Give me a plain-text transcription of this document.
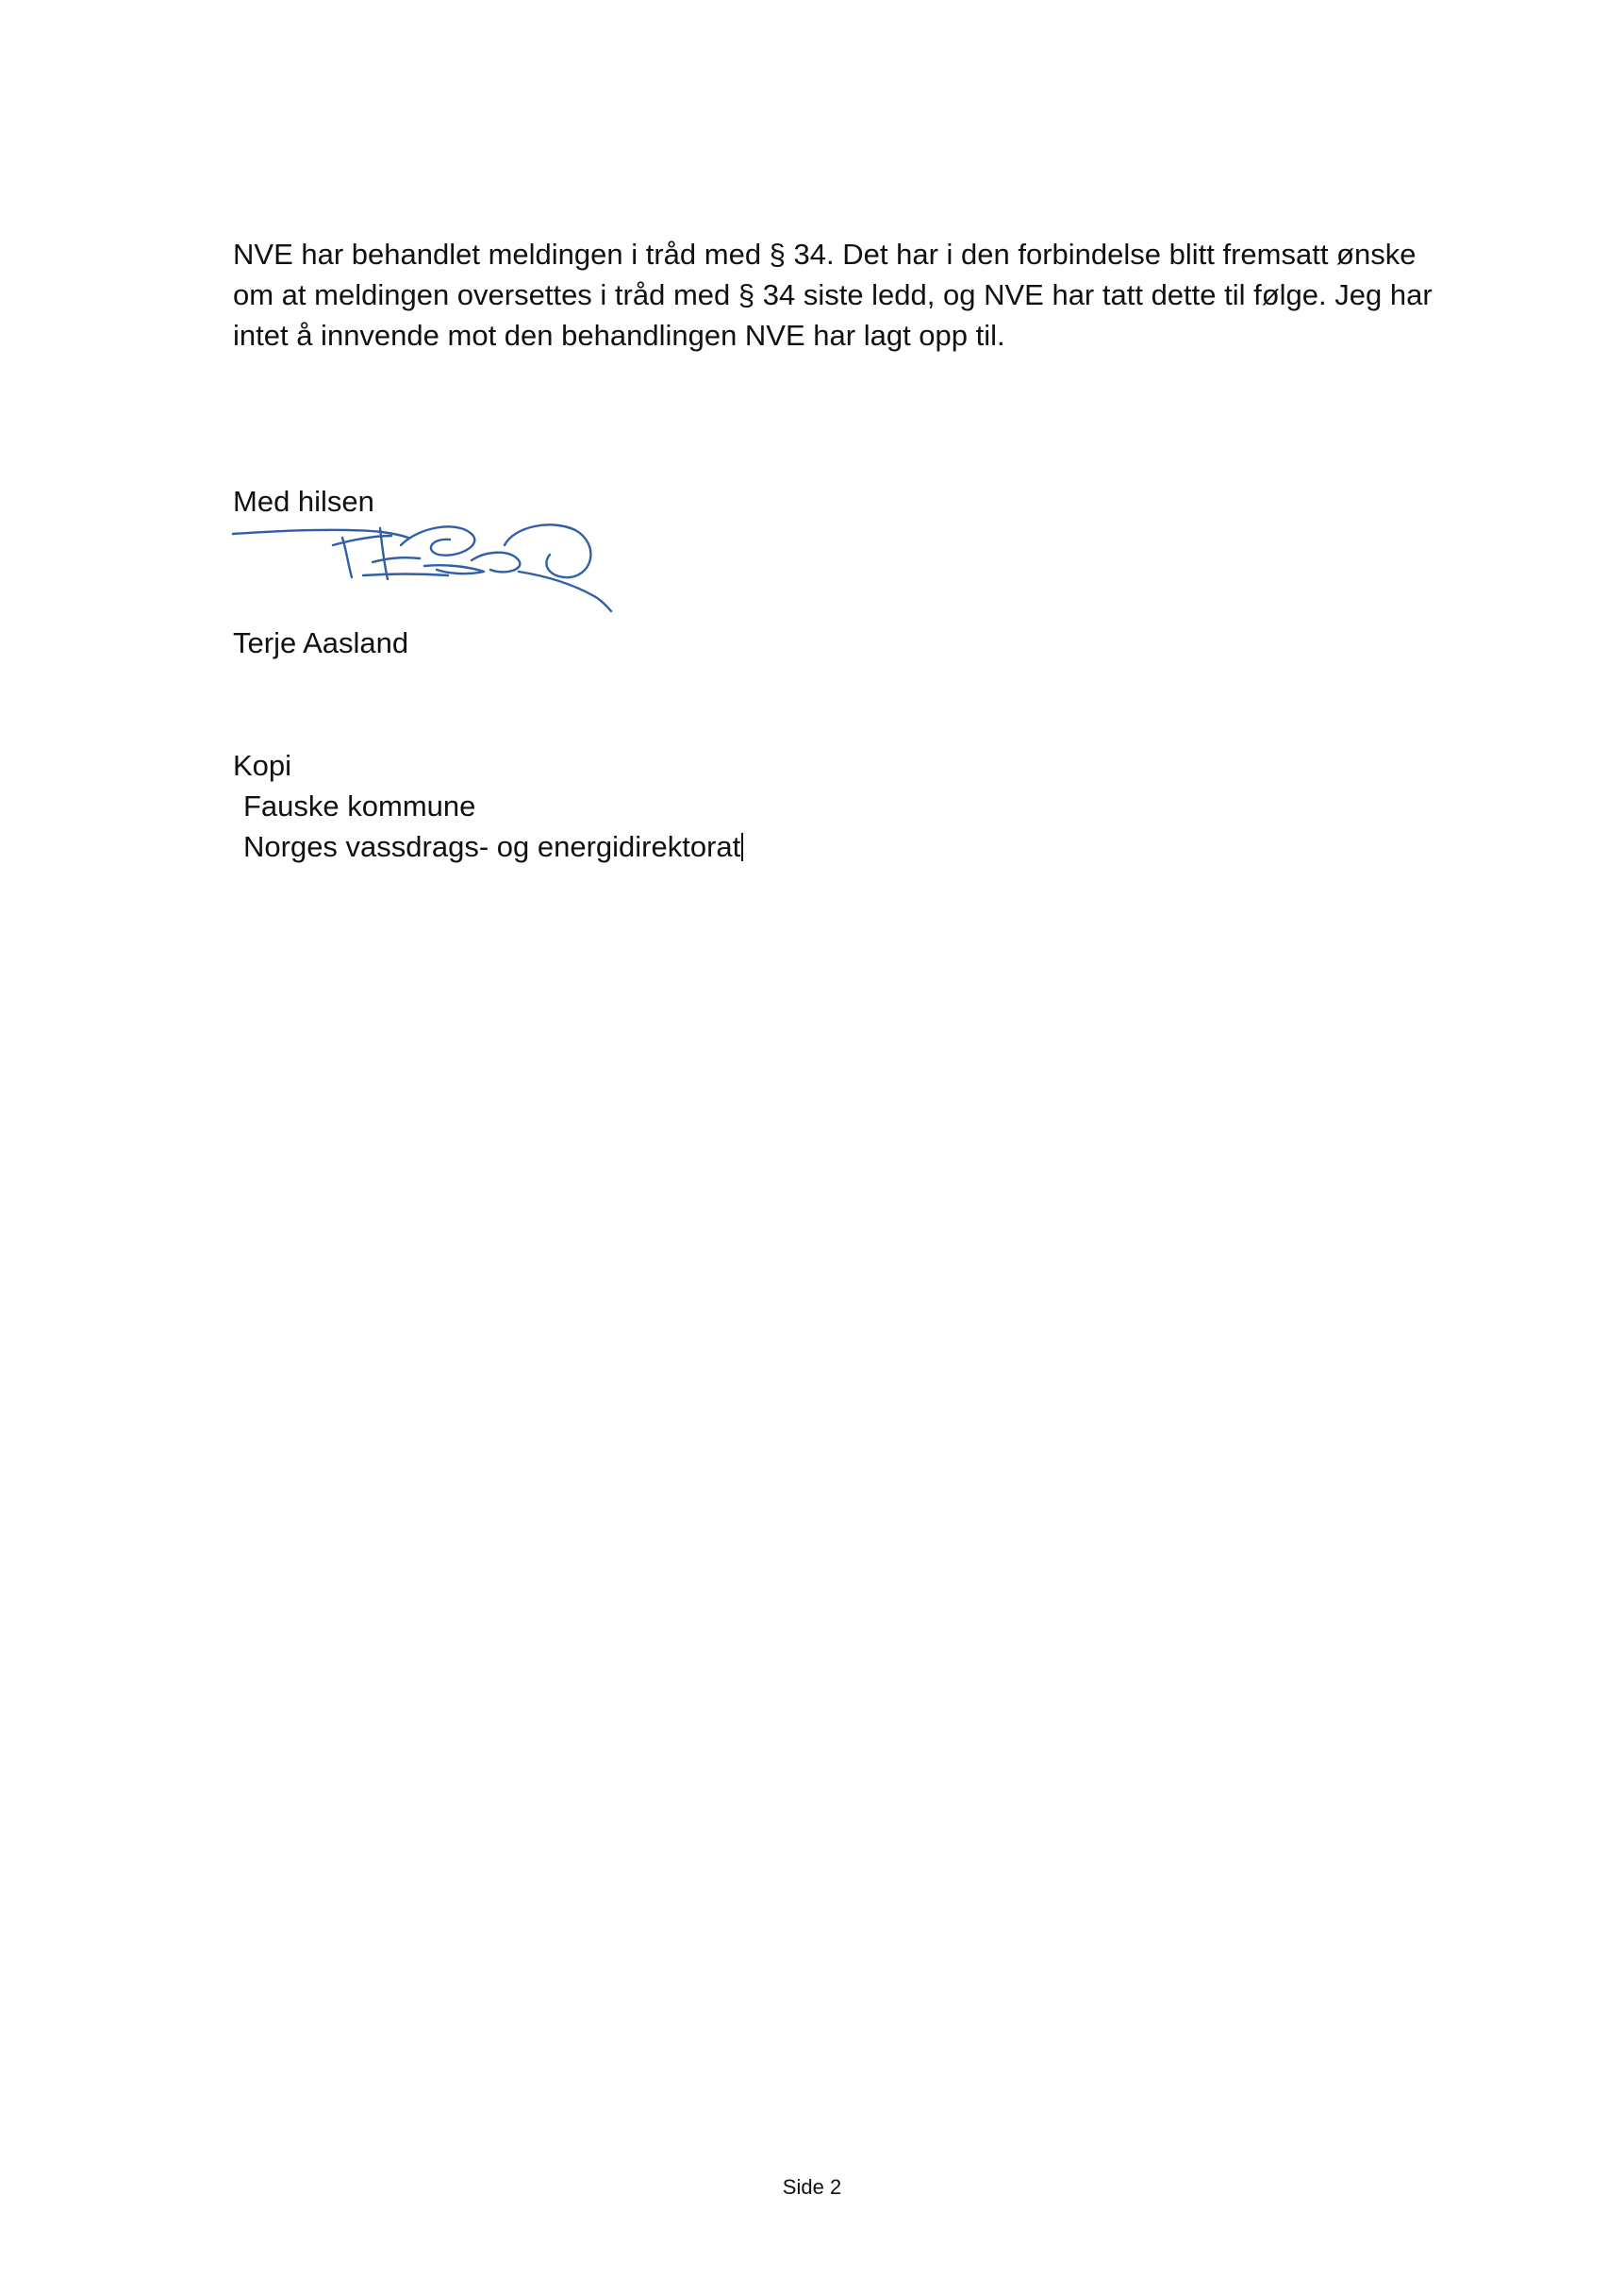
NVE har behandlet meldingen i tråd med § 34. Det har i den forbindelse blitt fremsatt ønske
om at meldingen oversettes i tråd med § 34 siste ledd, og NVE har tatt dette til følge. Jeg har
intet å innvende mot den behandlingen NVE har lagt opp til.

Med hilsen

Terje Aasland

Kopi

Fauske kommune
Norges vassdrags- og energidirektorat

Side 2
